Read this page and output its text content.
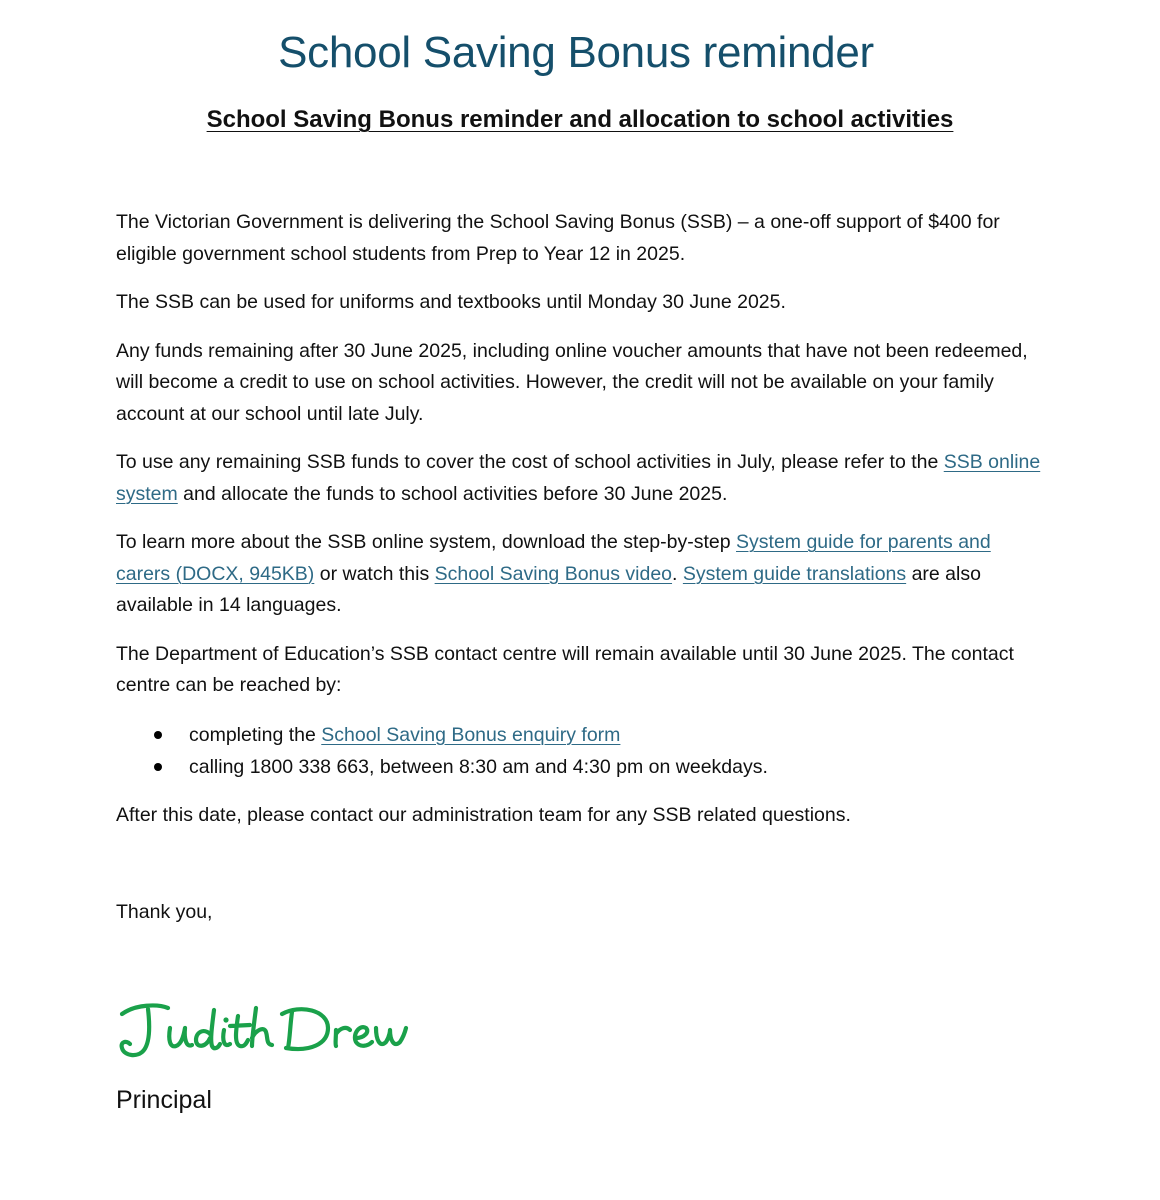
School Saving Bonus reminder
School Saving Bonus reminder and allocation to school activities

The Victorian Government is delivering the School Saving Bonus (SSB) – a one-off support of $400 for eligible government school students from Prep to Year 12 in 2025.

The SSB can be used for uniforms and textbooks until Monday 30 June 2025.

Any funds remaining after 30 June 2025, including online voucher amounts that have not been redeemed, will become a credit to use on school activities. However, the credit will not be available on your family account at our school until late July.

To use any remaining SSB funds to cover the cost of school activities in July, please refer to the SSB online system and allocate the funds to school activities before 30 June 2025.

To learn more about the SSB online system, download the step-by-step System guide for parents and carers (DOCX, 945KB) or watch this School Saving Bonus video. System guide translations are also available in 14 languages.

The Department of Education’s SSB contact centre will remain available until 30 June 2025. The contact centre can be reached by:

completing the School Saving Bonus enquiry form
calling 1800 338 663, between 8:30 am and 4:30 pm on weekdays.

After this date, please contact our administration team for any SSB related questions.

Thank you,

Principal
